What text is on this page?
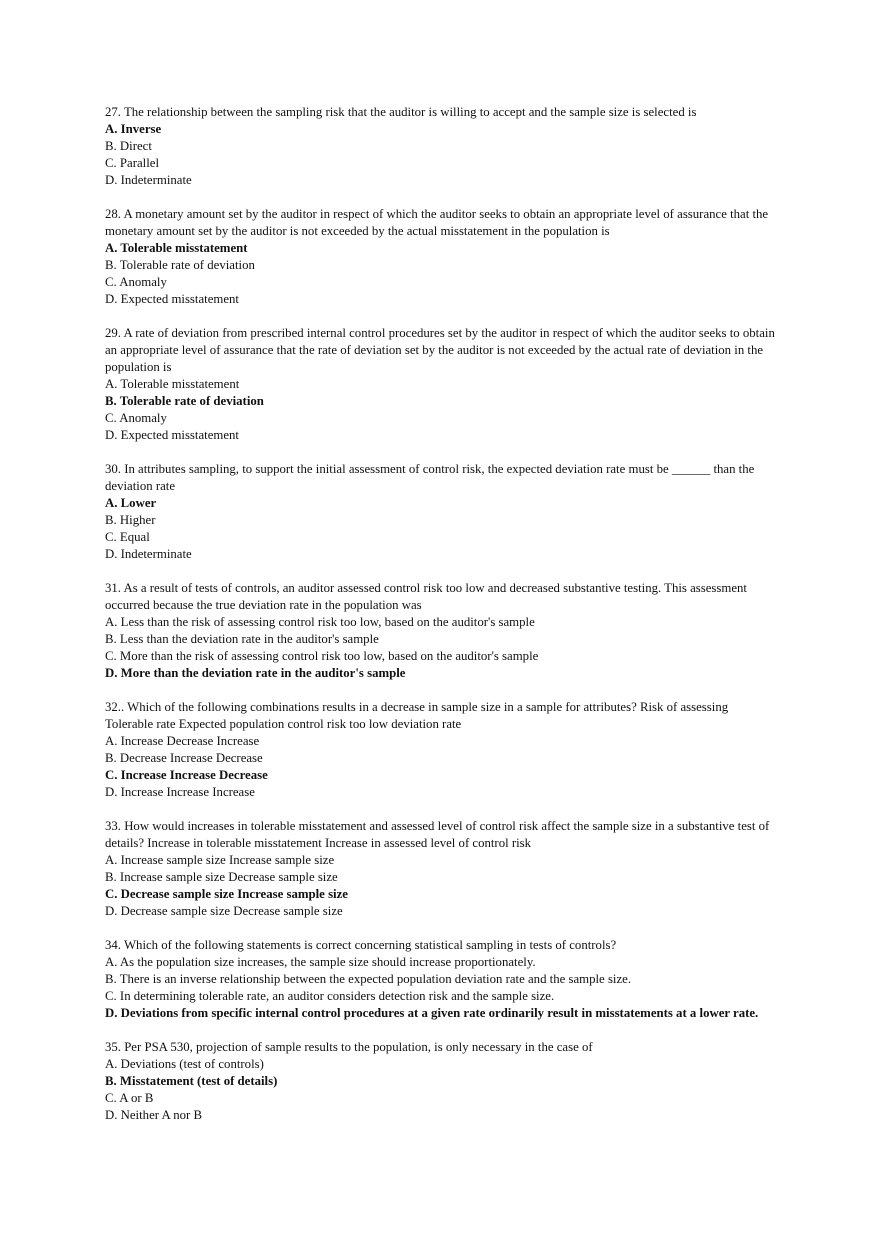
27. The relationship between the sampling risk that the auditor is willing to accept and the sample size is selected is

A. Inverse

B. Direct

C. Parallel

D. Indeterminate

28. A monetary amount set by the auditor in respect of which the auditor seeks to obtain an appropriate level of assurance that the monetary amount set by the auditor is not exceeded by the actual misstatement in the population is

A. Tolerable misstatement

B. Tolerable rate of deviation

C. Anomaly

D. Expected misstatement

29. A rate of deviation from prescribed internal control procedures set by the auditor in respect of which the auditor seeks to obtain an appropriate level of assurance that the rate of deviation set by the auditor is not exceeded by the actual rate of deviation in the population is

A. Tolerable misstatement

B. Tolerable rate of deviation

C. Anomaly

D. Expected misstatement

30. In attributes sampling, to support the initial assessment of control risk, the expected deviation rate must be ______ than the deviation rate

A. Lower

B. Higher

C. Equal

D. Indeterminate

31. As a result of tests of controls, an auditor assessed control risk too low and decreased substantive testing. This assessment occurred because the true deviation rate in the population was

A. Less than the risk of assessing control risk too low, based on the auditor's sample

B. Less than the deviation rate in the auditor's sample

C. More than the risk of assessing control risk too low, based on the auditor's sample

D. More than the deviation rate in the auditor's sample

32.. Which of the following combinations results in a decrease in sample size in a sample for attributes? Risk of assessing Tolerable rate Expected population control risk too low deviation rate

A. Increase Decrease Increase

B. Decrease Increase Decrease

C. Increase Increase Decrease

D. Increase Increase Increase

33. How would increases in tolerable misstatement and assessed level of control risk affect the sample size in a substantive test of details? Increase in tolerable misstatement Increase in assessed level of control risk

A. Increase sample size Increase sample size

B. Increase sample size Decrease sample size

C. Decrease sample size Increase sample size

D. Decrease sample size Decrease sample size

34. Which of the following statements is correct concerning statistical sampling in tests of controls?

A. As the population size increases, the sample size should increase proportionately.

B. There is an inverse relationship between the expected population deviation rate and the sample size.

C. In determining tolerable rate, an auditor considers detection risk and the sample size.

D. Deviations from specific internal control procedures at a given rate ordinarily result in misstatements at a lower rate.

35. Per PSA 530, projection of sample results to the population, is only necessary in the case of

A. Deviations (test of controls)

B. Misstatement (test of details)

C. A or B

D. Neither A nor B
